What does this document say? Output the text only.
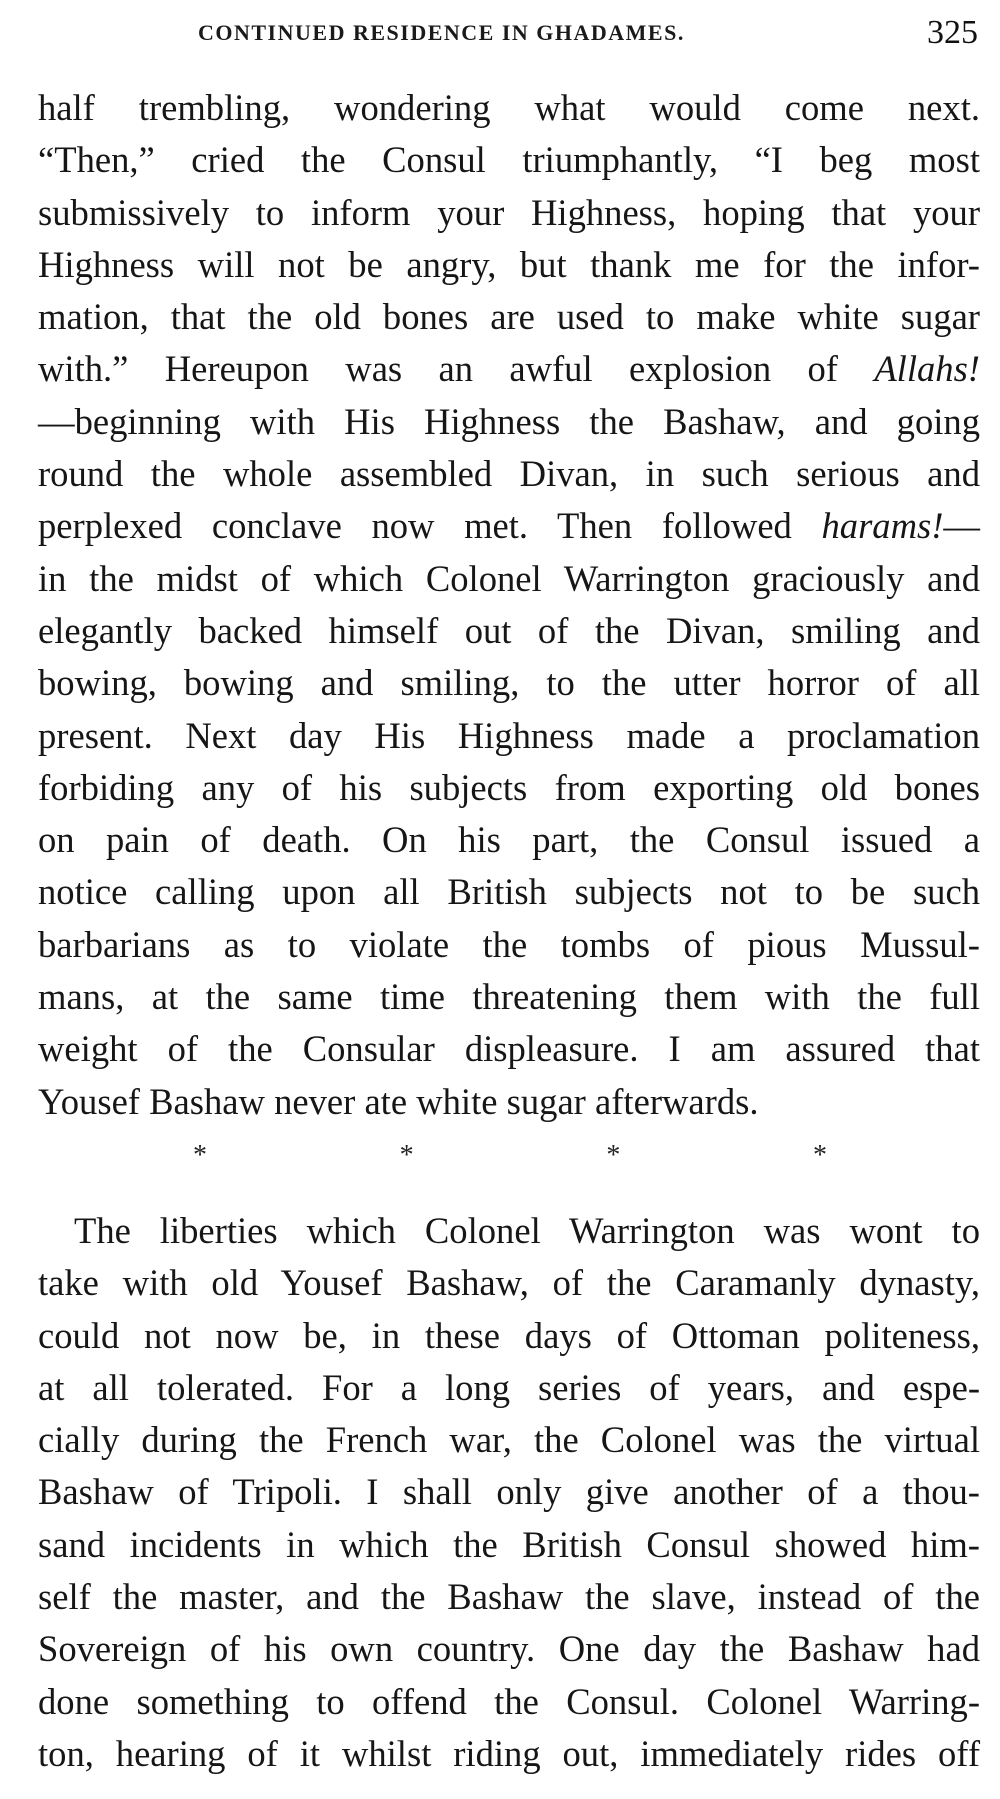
CONTINUED RESIDENCE IN GHADAMES.	325
half trembling, wondering what would come next.
“Then,” cried the Consul triumphantly, “I beg most
submissively to inform your Highness, hoping that your
Highness will not be angry, but thank me for the infor-
mation, that the old bones are used to make white sugar
with.” Hereupon was an awful explosion of Allahs!
—beginning with His Highness the Bashaw, and going
round the whole assembled Divan, in such serious and
perplexed conclave now met. Then followed harams!—
in the midst of which Colonel Warrington graciously and
elegantly backed himself out of the Divan, smiling and
bowing, bowing and smiling, to the utter horror of all
present. Next day His Highness made a proclamation
forbiding any of his subjects from exporting old bones
on pain of death. On his part, the Consul issued a
notice calling upon all British subjects not to be such
barbarians as to violate the tombs of pious Mussul-
mans, at the same time threatening them with the full
weight of the Consular displeasure. I am assured that
Yousef Bashaw never ate white sugar afterwards.
*	*	*	*
The liberties which Colonel Warrington was wont to
take with old Yousef Bashaw, of the Caramanly dynasty,
could not now be, in these days of Ottoman politeness,
at all tolerated. For a long series of years, and espe-
cially during the French war, the Colonel was the virtual
Bashaw of Tripoli. I shall only give another of a thou-
sand incidents in which the British Consul showed him-
self the master, and the Bashaw the slave, instead of the
Sovereign of his own country. One day the Bashaw had
done something to offend the Consul. Colonel Warring-
ton, hearing of it whilst riding out, immediately rides off
